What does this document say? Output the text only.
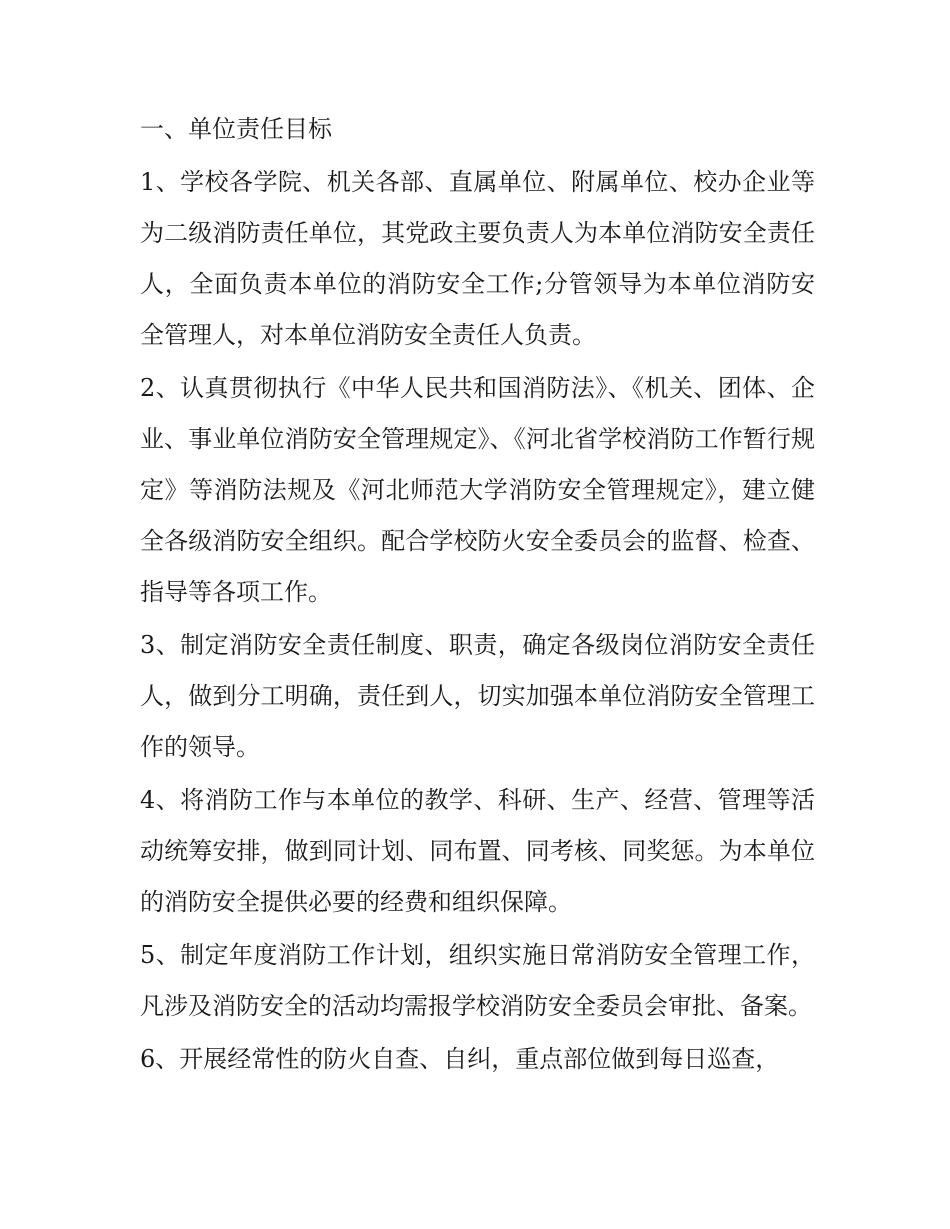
一、单位责任目标

1、学校各学院、机关各部、直属单位、附属单位、校办企业等为二级消防责任单位，其党政主要负责人为本单位消防安全责任人，全面负责本单位的消防安全工作;分管领导为本单位消防安全管理人，对本单位消防安全责任人负责。

2、认真贯彻执行《中华人民共和国消防法》、《机关、团体、企业、事业单位消防安全管理规定》、《河北省学校消防工作暂行规定》等消防法规及《河北师范大学消防安全管理规定》，建立健全各级消防安全组织。配合学校防火安全委员会的监督、检查、指导等各项工作。

3、制定消防安全责任制度、职责，确定各级岗位消防安全责任人，做到分工明确，责任到人，切实加强本单位消防安全管理工作的领导。

4、将消防工作与本单位的教学、科研、生产、经营、管理等活动统筹安排，做到同计划、同布置、同考核、同奖惩。为本单位的消防安全提供必要的经费和组织保障。

5、制定年度消防工作计划，组织实施日常消防安全管理工作，凡涉及消防安全的活动均需报学校消防安全委员会审批、备案。

6、开展经常性的防火自查、自纠，重点部位做到每日巡查，
